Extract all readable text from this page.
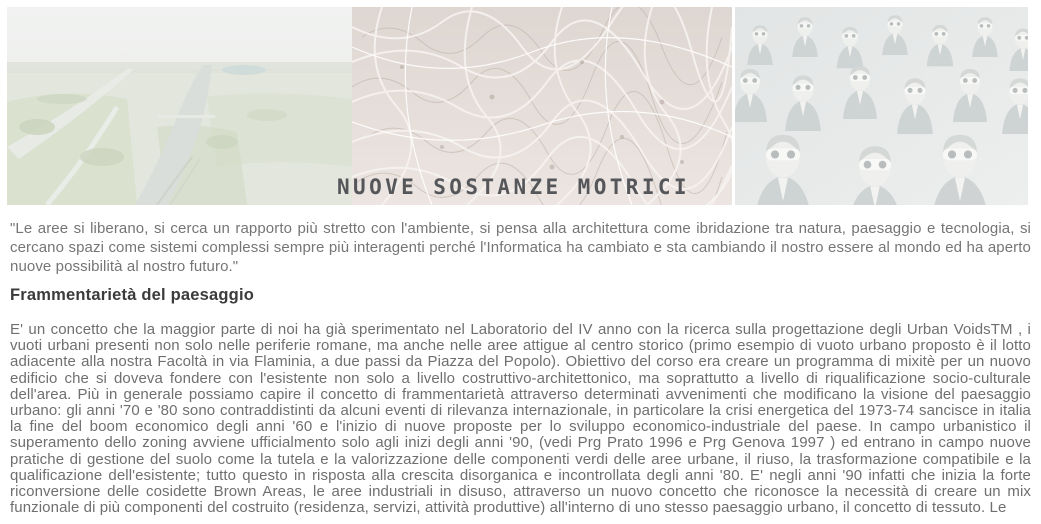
NUOVE SOSTANZE MOTRICI

"Le aree si liberano, si cerca un rapporto più stretto con l'ambiente, si pensa alla architettura come ibridazione tra natura, paesaggio e tecnologia, si cercano spazi come sistemi complessi sempre più interagenti perché l'Informatica ha cambiato e sta cambiando il nostro essere al mondo ed ha aperto nuove possibilità al nostro futuro."

Frammentarietà del paesaggio

E' un concetto che la maggior parte di noi ha già sperimentato nel Laboratorio del IV anno con la ricerca sulla progettazione degli Urban VoidsTM , i vuoti urbani presenti non solo nelle periferie romane, ma anche nelle aree attigue al centro storico (primo esempio di vuoto urbano proposto è il lotto adiacente alla nostra Facoltà in via Flaminia, a due passi da Piazza del Popolo). Obiettivo del corso era creare un programma di mixitè per un nuovo edificio che si doveva fondere con l'esistente non solo a livello costruttivo-architettonico, ma soprattutto a livello di riqualificazione socio-culturale dell'area. Più in generale possiamo capire il concetto di frammentarietà attraverso determinati avvenimenti che modificano la visione del paesaggio urbano: gli anni '70 e '80 sono contraddistinti da alcuni eventi di rilevanza internazionale, in particolare la crisi energetica del 1973-74 sancisce in italia la fine del boom economico degli anni '60 e l'inizio di nuove proposte per lo sviluppo economico-industriale del paese. In campo urbanistico il superamento dello zoning avviene ufficialmento solo agli inizi degli anni '90, (vedi Prg Prato 1996 e Prg Genova 1997 ) ed entrano in campo nuove pratiche di gestione del suolo come la tutela e la valorizzazione delle componenti verdi delle aree urbane, il riuso, la trasformazione compatibile e la qualificazione dell'esistente; tutto questo in risposta alla crescita disorganica e incontrollata degli anni '80. E' negli anni '90 infatti che inizia la forte riconversione delle cosidette Brown Areas, le aree industriali in disuso, attraverso un nuovo concetto che riconosce la necessità di creare un mix funzionale di più componenti del costruito (residenza, servizi, attività produttive) all'interno di uno stesso paesaggio urbano, il concetto di tessuto. Le
